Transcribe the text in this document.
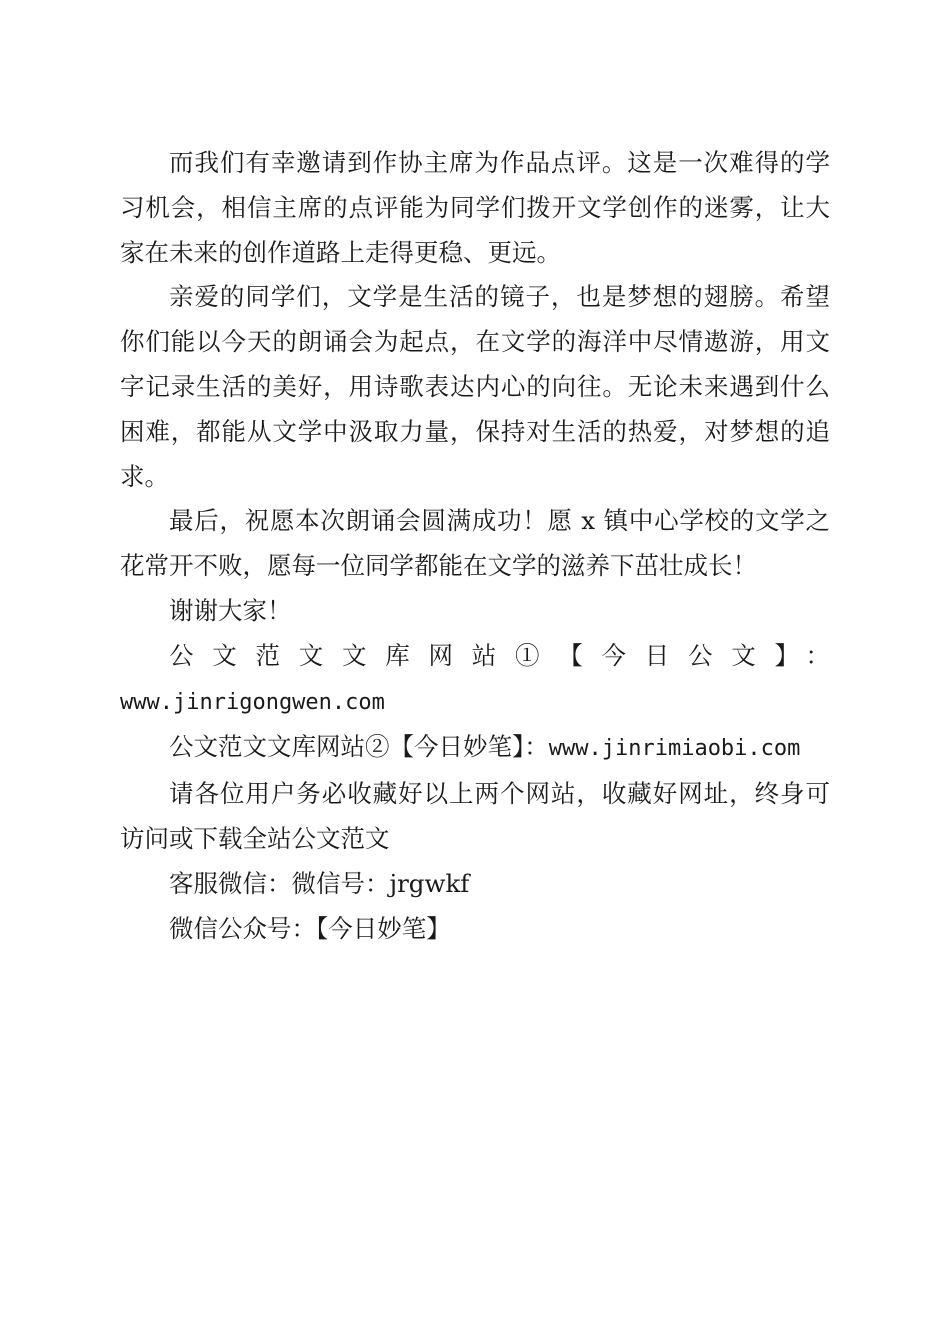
而我们有幸邀请到作协主席为作品点评。这是一次难得的学习机会，相信主席的点评能为同学们拨开文学创作的迷雾，让大家在未来的创作道路上走得更稳、更远。

亲爱的同学们，文学是生活的镜子，也是梦想的翅膀。希望你们能以今天的朗诵会为起点，在文学的海洋中尽情遨游，用文字记录生活的美好，用诗歌表达内心的向往。无论未来遇到什么困难，都能从文学中汲取力量，保持对生活的热爱，对梦想的追求。

最后，祝愿本次朗诵会圆满成功！愿 x 镇中心学校的文学之花常开不败，愿每一位同学都能在文学的滋养下茁壮成长！

谢谢大家！

公文范文文库网站①【今日公文】：

www.jinrigongwen.com

公文范文文库网站②【今日妙笔】：www.jinrimiaobi.com

请各位用户务必收藏好以上两个网站，收藏好网址，终身可访问或下载全站公文范文

客服微信：微信号：jrgwkf

微信公众号：【今日妙笔】
